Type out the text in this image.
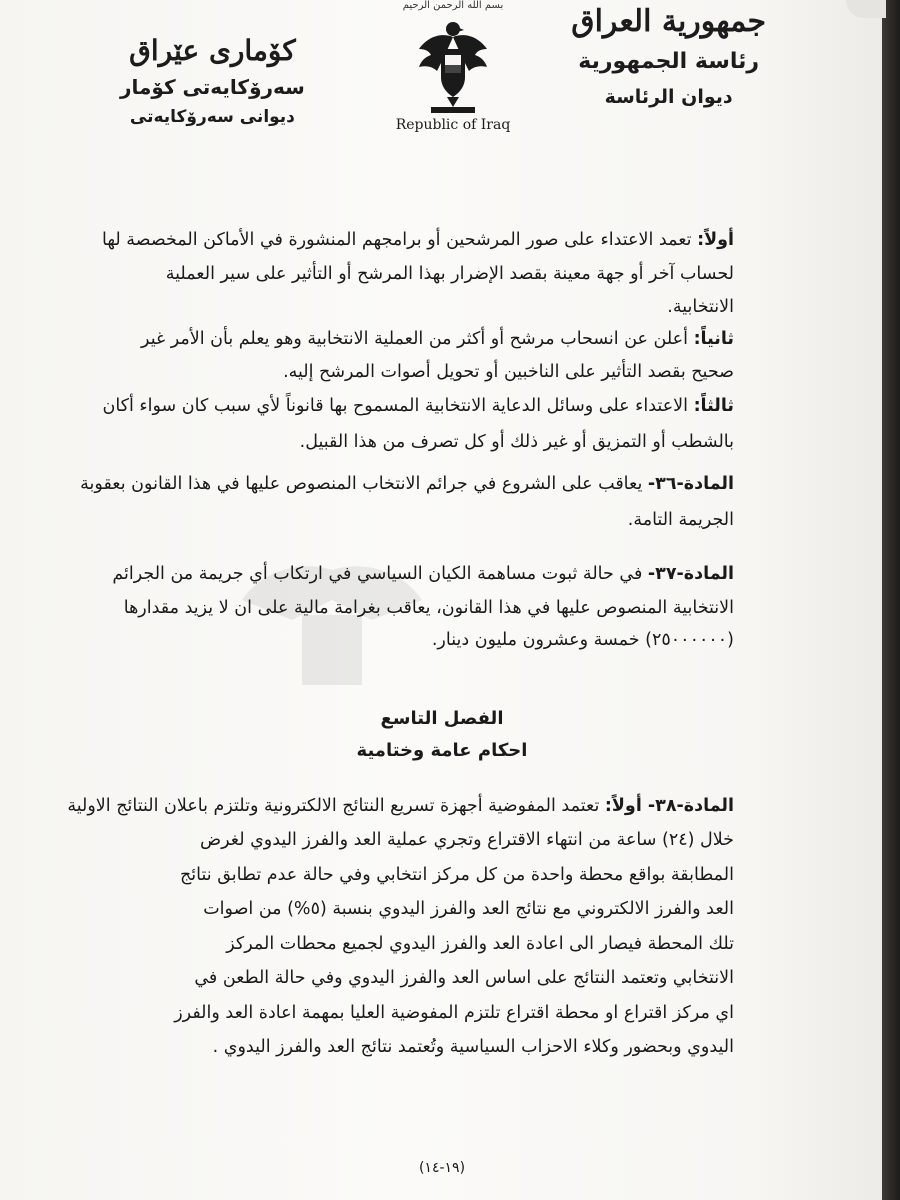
جمهورية العراق
رئاسة الجمهورية
ديوان الرئاسة
بسم الله الرحمن الرحيم
Republic of Iraq
كۆماری عێراق
سەرۆكايەتی كۆمار
ديوانی سەرۆكايەتی
أولاً: تعمد الاعتداء على صور المرشحين أو برامجهم المنشورة في الأماكن المخصصة لها
لحساب آخر أو جهة معينة بقصد الإضرار بهذا المرشح أو التأثير على سير العملية
الانتخابية.
ثانياً: أعلن عن انسحاب مرشح أو أكثر من العملية الانتخابية وهو يعلم بأن الأمر غير
صحيح بقصد التأثير على الناخبين أو تحويل أصوات المرشح إليه.
ثالثاً: الاعتداء على وسائل الدعاية الانتخابية المسموح بها قانوناً لأي سبب كان سواء أكان
بالشطب أو التمزيق أو غير ذلك أو كل تصرف من هذا القبيل.
المادة-٣٦- يعاقب على الشروع في جرائم الانتخاب المنصوص عليها في هذا القانون بعقوبة
الجريمة التامة.
المادة-٣٧- في حالة ثبوت مساهمة الكيان السياسي في ارتكاب أي جريمة من الجرائم
الانتخابية المنصوص عليها في هذا القانون، يعاقب بغرامة مالية على ان لا يزيد مقدارها
(٢٥٠٠٠٠٠٠) خمسة وعشرون مليون دينار.
الفصل التاسع
احكام عامة وختامية
المادة-٣٨- أولاً: تعتمد المفوضية أجهزة تسريع النتائج الالكترونية وتلتزم باعلان النتائج الاولية
خلال (٢٤) ساعة من انتهاء الاقتراع وتجري عملية العد والفرز اليدوي لغرض
المطابقة بواقع محطة واحدة من كل مركز انتخابي وفي حالة عدم تطابق نتائج
العد والفرز الالكتروني مع نتائج العد والفرز اليدوي بنسبة (٥%) من اصوات
تلك المحطة فيصار الى اعادة العد والفرز اليدوي لجميع محطات المركز
الانتخابي وتعتمد النتائج على اساس العد والفرز اليدوي وفي حالة الطعن في
اي مركز اقتراع او محطة اقتراع تلتزم المفوضية العليا بمهمة اعادة العد والفرز
اليدوي وبحضور وكلاء الاحزاب السياسية وتُعتمد نتائج العد والفرز اليدوي .
(١٩-١٤)
